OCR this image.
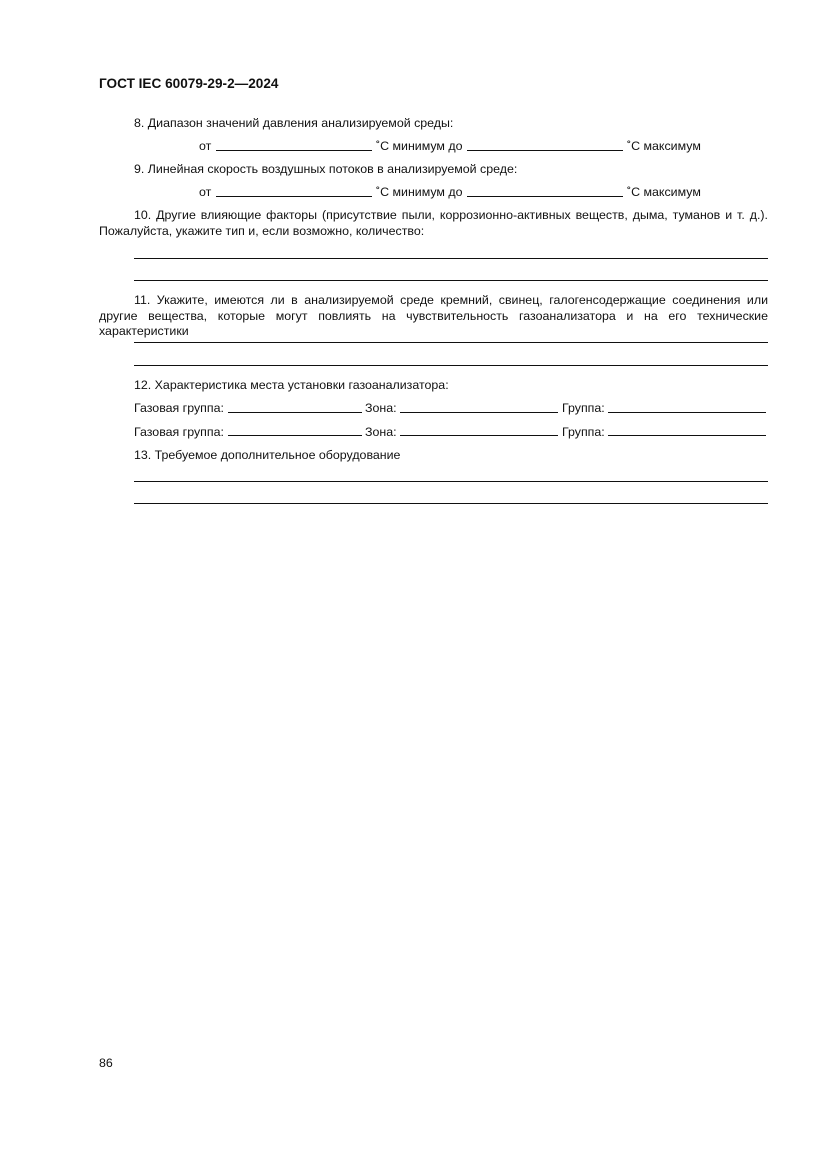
ГОСТ IEC 60079-29-2—2024
8. Диапазон значений давления анализируемой среды:
от	˚С минимум до	˚С максимум
9. Линейная скорость воздушных потоков в анализируемой среде:
от	˚С минимум до	˚С максимум
10. Другие влияющие факторы (присутствие пыли, коррозионно-активных веществ, дыма, туманов и т. д.). Пожалуйста, укажите тип и, если возможно, количество:
11. Укажите, имеются ли в анализируемой среде кремний, свинец, галогенсодержащие соединения или другие вещества, которые могут повлиять на чувствительность газоанализатора и на его технические характеристики
12. Характеристика места установки газоанализатора:
Газовая группа:	Зона:	Группа:
Газовая группа:	Зона:	Группа:
13. Требуемое дополнительное оборудование
86
